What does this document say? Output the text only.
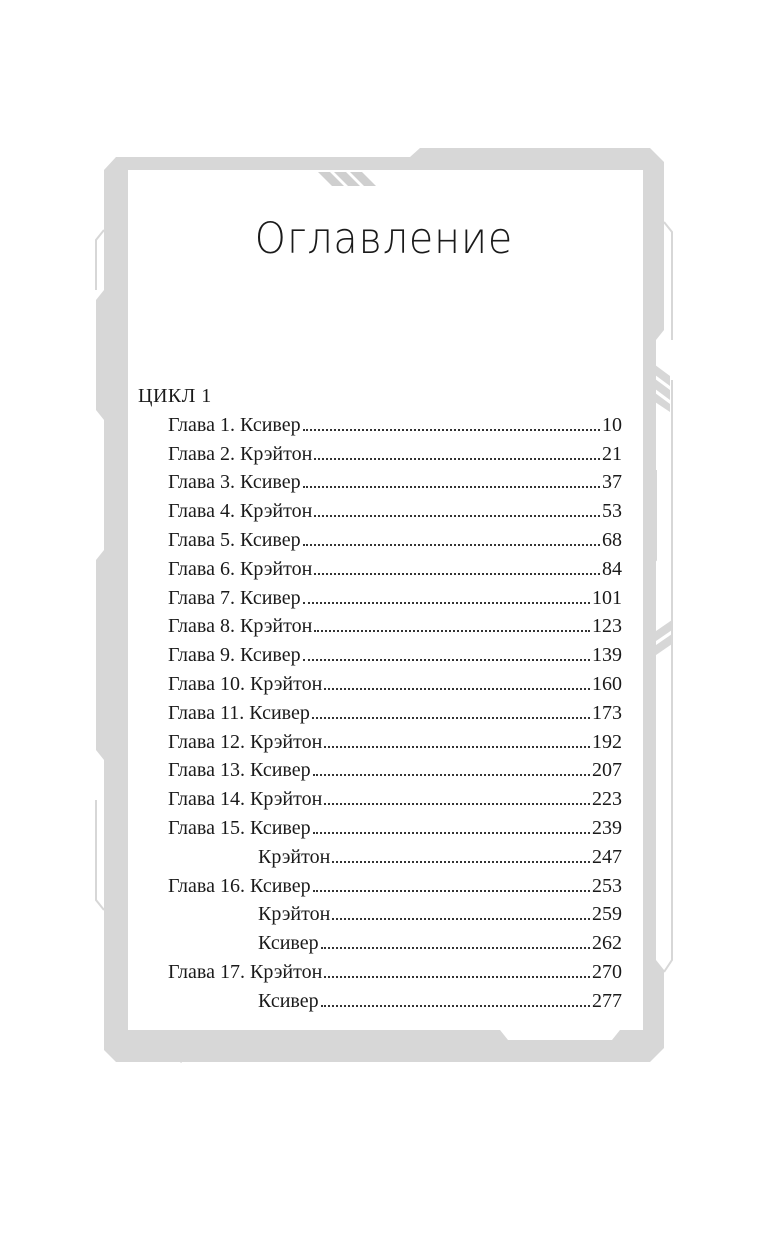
Оглавление
ЦИКЛ 1
Глава 1.
Ксивер	10
Глава 2.
Крэйтон	21
Глава 3.
Ксивер	37
Глава 4.
Крэйтон	53
Глава 5.
Ксивер	68
Глава 6.
Крэйтон	84
Глава 7.
Ксивер	101
Глава 8.
Крэйтон	123
Глава 9.
Ксивер	139
Глава 10.
Крэйтон	160
Глава 11.
Ксивер	173
Глава 12.
Крэйтон	192
Глава 13.
Ксивер	207
Глава 14.
Крэйтон	223
Глава 15.
Ксивер	239
Крэйтон	247
Глава 16.
Ксивер	253
Крэйтон	259
Ксивер	262
Глава 17.
Крэйтон	270
Ксивер	277
